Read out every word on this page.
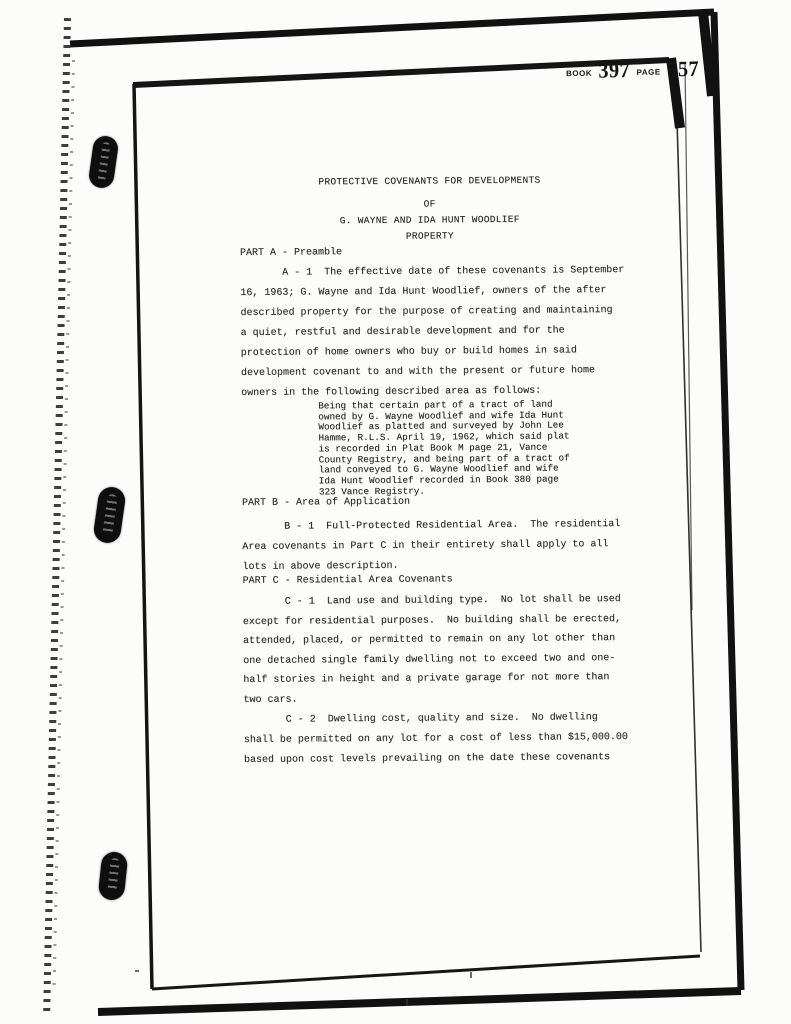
BOOK 397 PAGE 557
PROTECTIVE COVENANTS FOR DEVELOPMENTS
OF
G. WAYNE AND IDA HUNT WOODLIEF
PROPERTY
PART A - Preamble
A - 1  The effective date of these covenants is September
16, 1963; G. Wayne and Ida Hunt Woodlief, owners of the after
described property for the purpose of creating and maintaining
a quiet, restful and desirable development and for the
protection of home owners who buy or build homes in said
development covenant to and with the present or future home
owners in the following described area as follows:
Being that certain part of a tract of land
owned by G. Wayne Woodlief and wife Ida Hunt
Woodlief as platted and surveyed by John Lee
Hamme, R.L.S. April 19, 1962, which said plat
is recorded in Plat Book M page 21, Vance
County Registry, and being part of a tract of
land conveyed to G. Wayne Woodlief and wife
Ida Hunt Woodlief recorded in Book 380 page
323 Vance Registry.
PART B - Area of Application
B - 1  Full-Protected Residential Area.  The residential
Area covenants in Part C in their entirety shall apply to all
lots in above description.
PART C - Residential Area Covenants
C - 1  Land use and building type.  No lot shall be used
except for residential purposes.  No building shall be erected,
attended, placed, or permitted to remain on any lot other than
one detached single family dwelling not to exceed two and one-
half stories in height and a private garage for not more than
two cars.
C - 2  Dwelling cost, quality and size.  No dwelling
shall be permitted on any lot for a cost of less than $15,000.00
based upon cost levels prevailing on the date these covenants
